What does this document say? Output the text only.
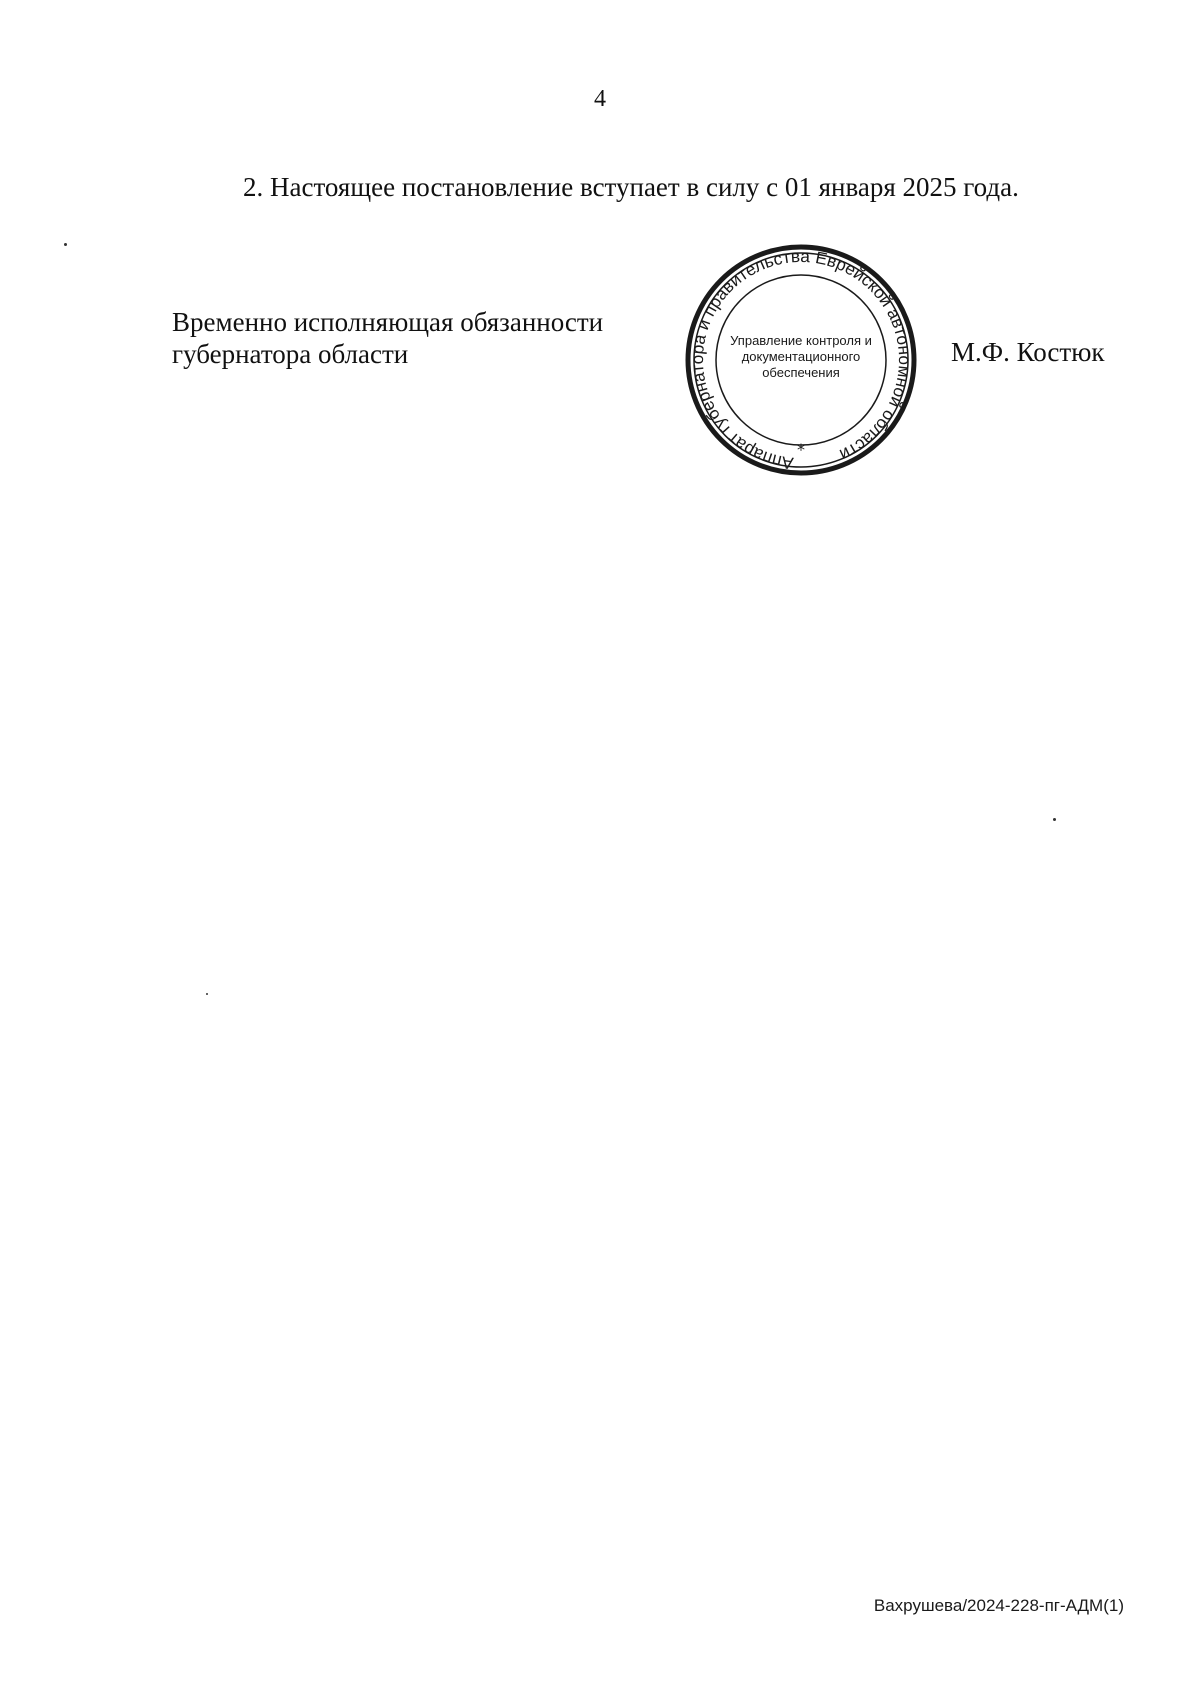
4
2. Настоящее постановление вступает в силу с 01 января 2025 года.
Временно исполняющая обязанности
губернатора области
Аппарат губернатора и правительства Еврейской автономной области
Управление контроля и
документационного
обеспечения
*
М.Ф. Костюк
Вахрушева/2024-228-пг-АДМ(1)
